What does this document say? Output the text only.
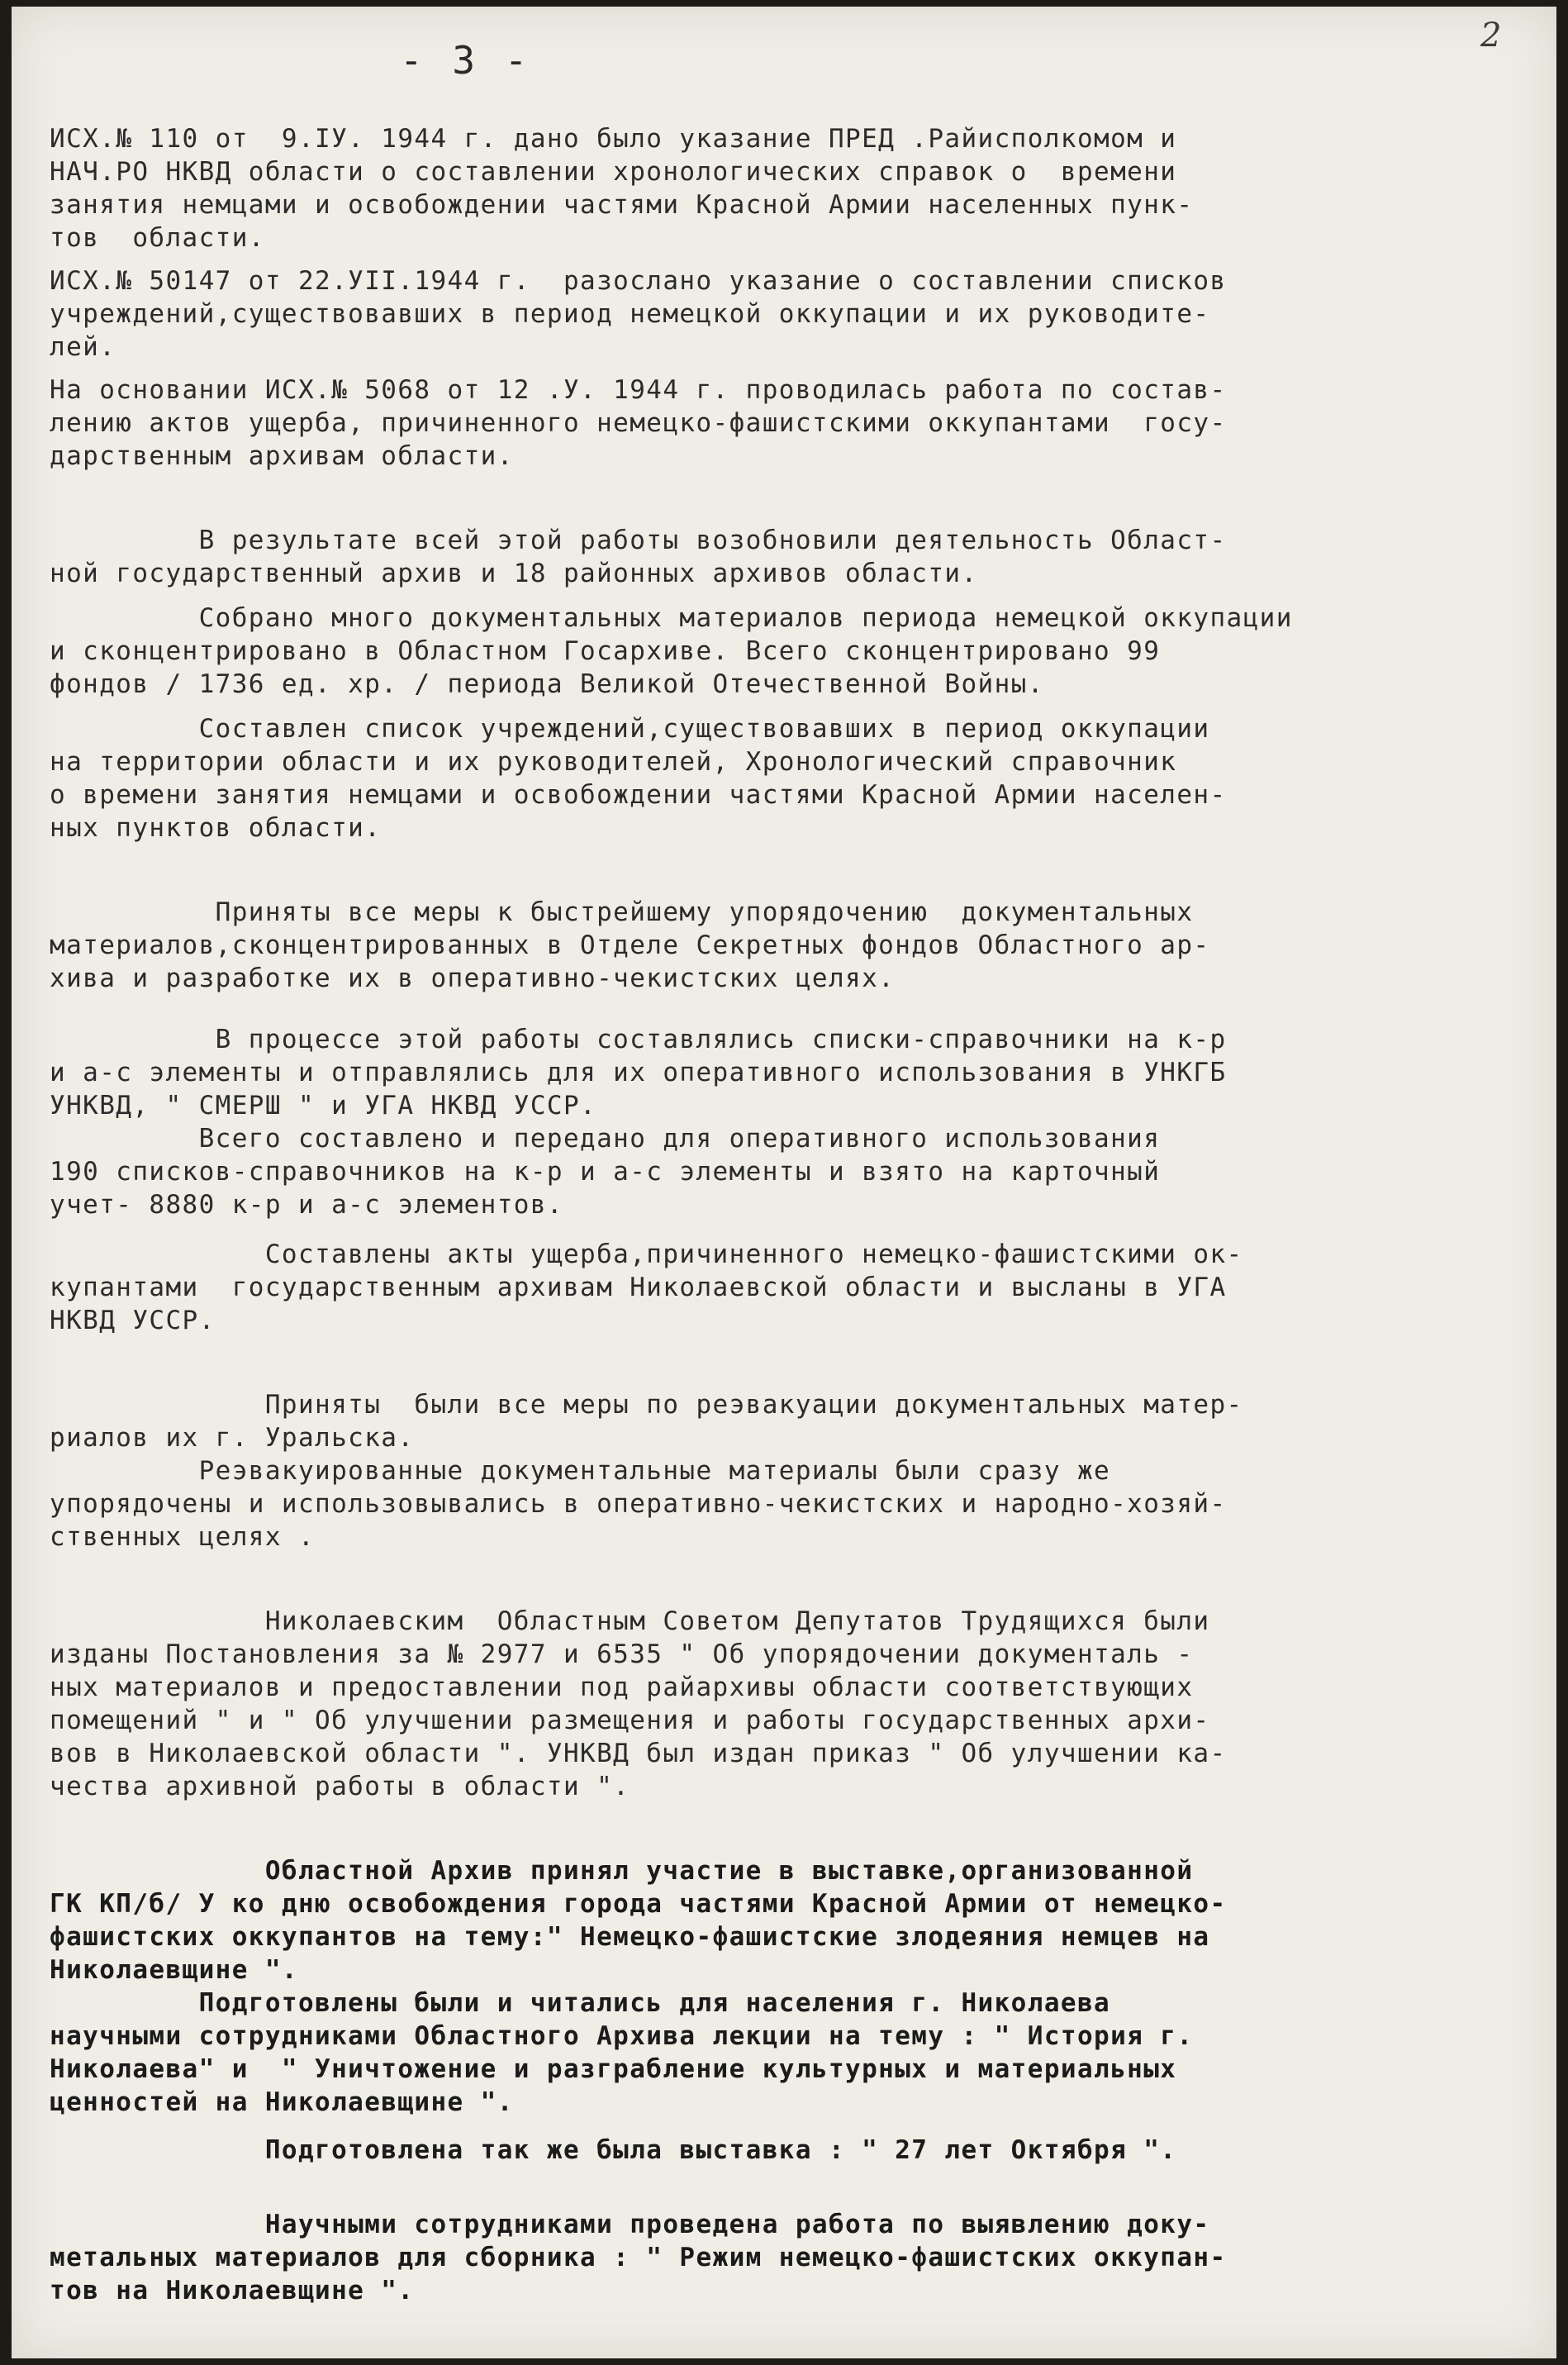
- 3 -
2
ИСХ.№ 110 от  9.IУ. 1944 г. дано было указание ПРЕД .Райисполкомом и
НАЧ.РО НКВД области о составлении хронологических справок о  времени
занятия немцами и освобождении частями Красной Армии населенных пунк-
тов  области.
ИСХ.№ 50147 от 22.УII.1944 г.  разослано указание о составлении списков
учреждений,существовавших в период немецкой оккупации и их руководите-
лей.
На основании ИСХ.№ 5068 от 12 .У. 1944 г. проводилась работа по состав-
лению актов ущерба, причиненного немецко-фашистскими оккупантами  госу-
дарственным архивам области.
В результате всей этой работы возобновили деятельность Област-
ной государственный архив и 18 районных архивов области.
Собрано много документальных материалов периода немецкой оккупации
и сконцентрировано в Областном Госархиве. Всего сконцентрировано 99
фондов / 1736 ед. хр. / периода Великой Отечественной Войны.
Составлен список учреждений,существовавших в период оккупации
на территории области и их руководителей, Хронологический справочник
о времени занятия немцами и освобождении частями Красной Армии населен-
ных пунктов области.
Приняты все меры к быстрейшему упорядочению  документальных
материалов,сконцентрированных в Отделе Секретных фондов Областного ар-
хива и разработке их в оперативно-чекистских целях.
В процессе этой работы составлялись списки-справочники на к-р
и а-с элементы и отправлялись для их оперативного использования в УНКГБ
УНКВД, " СМЕРШ " и УГА НКВД УССР.
Всего составлено и передано для оперативного использования
190 списков-справочников на к-р и а-с элементы и взято на карточный
учет- 8880 к-р и а-с элементов.
Составлены акты ущерба,причиненного немецко-фашистскими ок-
купантами  государственным архивам Николаевской области и высланы в УГА
НКВД УССР.
Приняты  были все меры по реэвакуации документальных матер-
риалов их г. Уральска.
Реэвакуированные документальные материалы были сразу же
упорядочены и использовывались в оперативно-чекистских и народно-хозяй-
ственных целях .
Николаевским  Областным Советом Депутатов Трудящихся были
изданы Постановления за № 2977 и 6535 " Об упорядочении документаль -
ных материалов и предоставлении под райархивы области соответствующих
помещений " и " Об улучшении размещения и работы государственных архи-
вов в Николаевской области ". УНКВД был издан приказ " Об улучшении ка-
чества архивной работы в области ".
Областной Архив принял участие в выставке,организованной
ГК КП/б/ У ко дню освобождения города частями Красной Армии от немецко-
фашистских оккупантов на тему:" Немецко-фашистские злодеяния немцев на
Николаевщине ".
Подготовлены были и читались для населения г. Николаева
научными сотрудниками Областного Архива лекции на тему : " История г.
Николаева" и  " Уничтожение и разграбление культурных и материальных
ценностей на Николаевщине ".
Подготовлена так же была выставка : " 27 лет Октября ".
Научными сотрудниками проведена работа по выявлению доку-
метальных материалов для сборника : " Режим немецко-фашистских оккупан-
тов на Николаевщине ".
